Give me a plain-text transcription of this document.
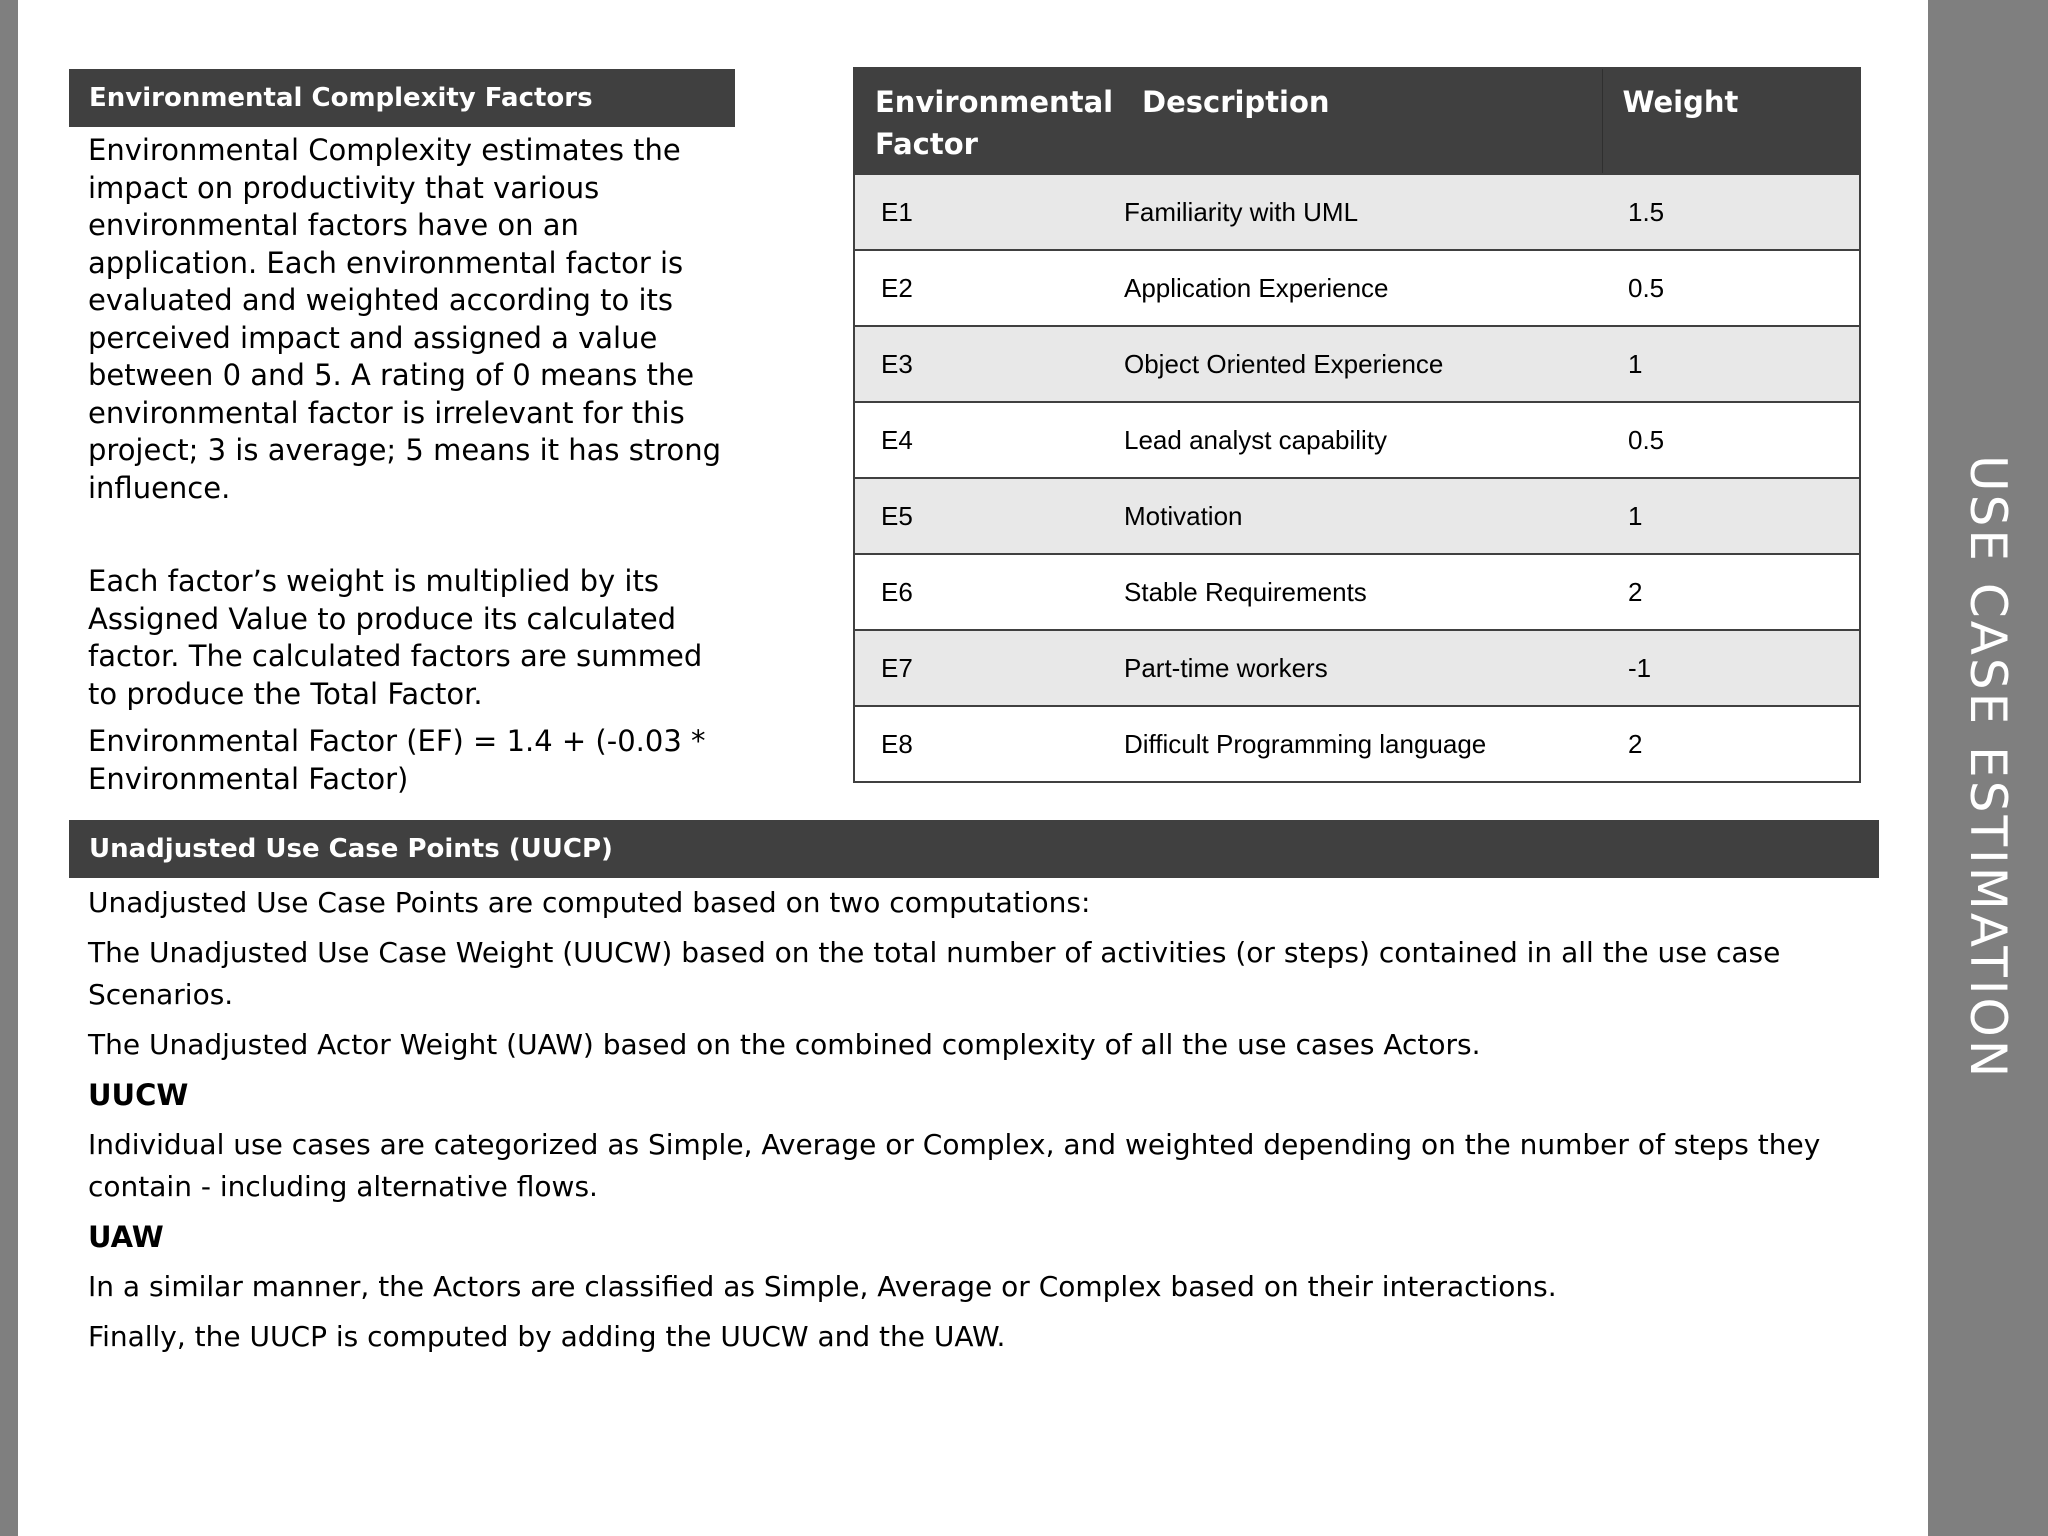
USE CASE ESTIMATION
Environmental Complexity Factors

Environmental Complexity estimates the impact on productivity that various environmental factors have on an application. Each environmental factor is evaluated and weighted according to its perceived impact and assigned a value between 0 and 5. A rating of 0 means the environmental factor is irrelevant for this project; 3 is average; 5 means it has strong influence.

Each factor’s weight is multiplied by its Assigned Value to produce its calculated factor. The calculated factors are summed to produce the Total Factor.

Environmental Factor (EF) = 1.4 + (-0.03 * Environmental Factor)

Environmental Factor	Description	Weight
E1	Familiarity with UML	1.5
E2	Application Experience	0.5
E3	Object Oriented Experience	1
E4	Lead analyst capability	0.5
E5	Motivation	1
E6	Stable Requirements	2
E7	Part-time workers	-1
E8	Difficult Programming language	2
Unadjusted Use Case Points (UUCP)

Unadjusted Use Case Points are computed based on two computations:

The Unadjusted Use Case Weight (UUCW) based on the total number of activities (or steps) contained in all the use case Scenarios.

The Unadjusted Actor Weight (UAW) based on the combined complexity of all the use cases Actors.

UUCW

Individual use cases are categorized as Simple, Average or Complex, and weighted depending on the number of steps they contain - including alternative flows.

UAW

In a similar manner, the Actors are classified as Simple, Average or Complex based on their interactions.

Finally, the UUCP is computed by adding the UUCW and the UAW.
